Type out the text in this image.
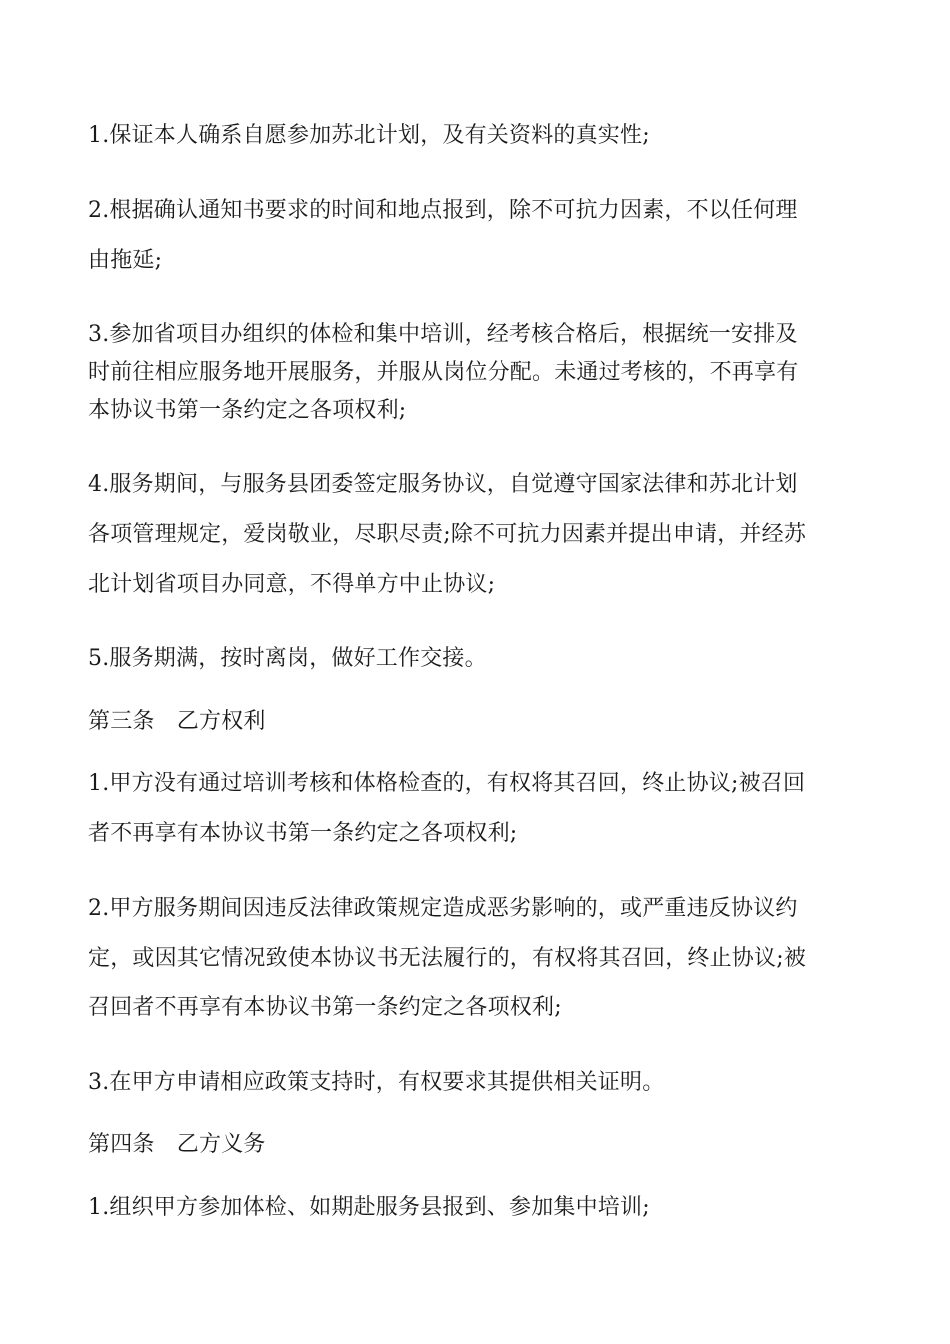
1.保证本人确系自愿参加苏北计划，及有关资料的真实性;
2.根据确认通知书要求的时间和地点报到，除不可抗力因素，不以任何理
由拖延;
3.参加省项目办组织的体检和集中培训，经考核合格后，根据统一安排及
时前往相应服务地开展服务，并服从岗位分配。未通过考核的，不再享有
本协议书第一条约定之各项权利;
4.服务期间，与服务县团委签定服务协议，自觉遵守国家法律和苏北计划
各项管理规定，爱岗敬业，尽职尽责;除不可抗力因素并提出申请，并经苏
北计划省项目办同意，不得单方中止协议;
5.服务期满，按时离岗，做好工作交接。
第三条　乙方权利
1.甲方没有通过培训考核和体格检查的，有权将其召回，终止协议;被召回
者不再享有本协议书第一条约定之各项权利;
2.甲方服务期间因违反法律政策规定造成恶劣影响的，或严重违反协议约
定，或因其它情况致使本协议书无法履行的，有权将其召回，终止协议;被
召回者不再享有本协议书第一条约定之各项权利;
3.在甲方申请相应政策支持时，有权要求其提供相关证明。
第四条　乙方义务
1.组织甲方参加体检、如期赴服务县报到、参加集中培训;
